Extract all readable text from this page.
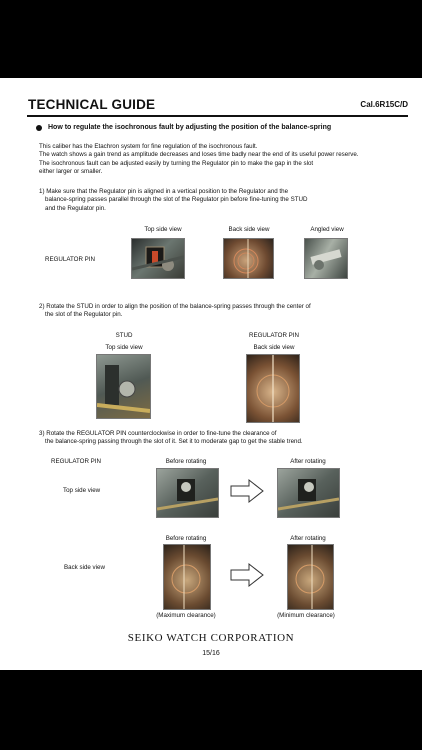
TECHNICAL GUIDE	Cal.6R15C/D
How to regulate the isochronous fault by adjusting the position of the balance-spring
This caliber has the Etachron system for fine regulation of the isochronous fault.
The watch shows a gain trend as amplitude decreases and loses time badly near the end of its useful power reserve.
The isochronous fault can be adjusted easily by turning the Regulator pin to make the gap in the slot
either larger or smaller.
1) Make sure that the Regulator pin is aligned in a vertical position to the Regulator and the
balance-spring passes parallel through the slot of the Regulator pin before fine-tuning the STUD
and the Regulator pin.
Top side view	Back side view	Angled view
REGULATOR PIN
2) Rotate the STUD in order to align the position of the balance-spring passes through the center of
the slot of the Regulator pin.
STUD
Top side view
REGULATOR PIN
Back side view
3) Rotate the REGULATOR PIN counterclockwise in order to fine-tune the clearance of
the balance-spring passing through the slot of it. Set it to moderate gap to get the stable trend.
REGULATOR PIN	Before rotating	After rotating
Top side view
Before rotating	After rotating
Back side view
(Maximum clearance)	(Minimum clearance)
SEIKO WATCH CORPORATION
15/16
